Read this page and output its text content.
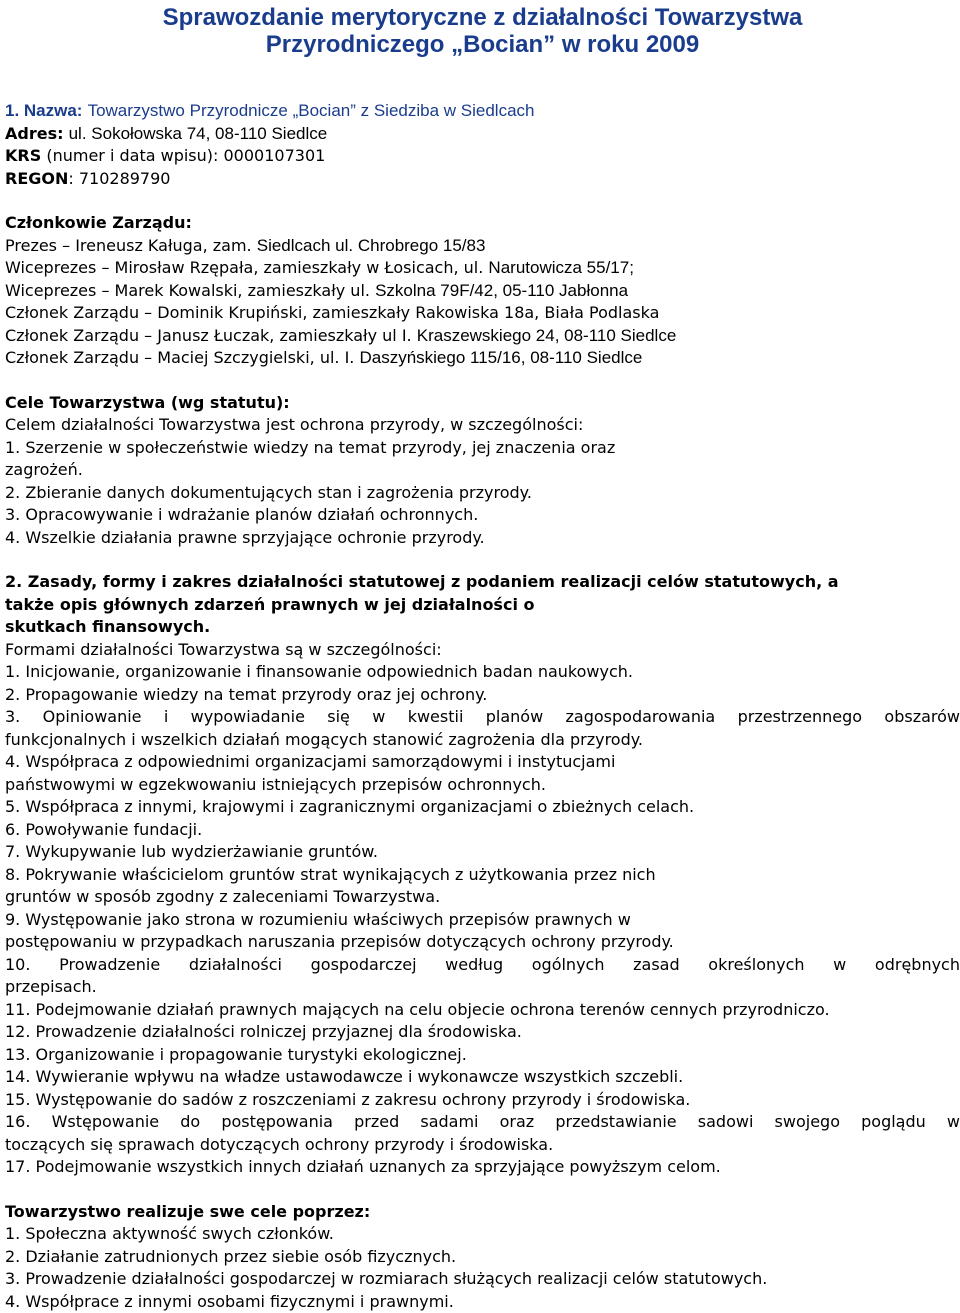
Sprawozdanie merytoryczne z działalności Towarzystwa
Przyrodniczego „Bocian” w roku 2009
1. Nazwa: Towarzystwo Przyrodnicze „Bocian” z Siedziba w Siedlcach
Adres: ul. Sokołowska 74, 08-110 Siedlce
KRS (numer i data wpisu): 0000107301
REGON: 710289790
Członkowie Zarządu:
Prezes – Ireneusz Kaługa, zam. Siedlcach ul. Chrobrego 15/83
Wiceprezes – Mirosław Rzępała, zamieszkały w Łosicach, ul. Narutowicza 55/17;
Wiceprezes – Marek Kowalski, zamieszkały ul. Szkolna 79F/42, 05-110 Jabłonna
Członek Zarządu – Dominik Krupiński, zamieszkały Rakowiska 18a, Biała Podlaska
Członek Zarządu – Janusz Łuczak, zamieszkały ul I. Kraszewskiego 24, 08-110 Siedlce
Członek Zarządu – Maciej Szczygielski, ul. I. Daszyńskiego 115/16, 08-110 Siedlce
Cele Towarzystwa (wg statutu):
Celem działalności Towarzystwa jest ochrona przyrody, w szczególności:
1. Szerzenie w społeczeństwie wiedzy na temat przyrody, jej znaczenia oraz
zagrożeń.
2. Zbieranie danych dokumentujących stan i zagrożenia przyrody.
3. Opracowywanie i wdrażanie planów działań ochronnych.
4. Wszelkie działania prawne sprzyjające ochronie przyrody.
2. Zasady, formy i zakres działalności statutowej z podaniem realizacji celów statutowych, a
także opis głównych zdarzeń prawnych w jej działalności o
skutkach finansowych.
Formami działalności Towarzystwa są w szczególności:
1. Inicjowanie, organizowanie i finansowanie odpowiednich badan naukowych.
2. Propagowanie wiedzy na temat przyrody oraz jej ochrony.
3. Opiniowanie i wypowiadanie się w kwestii planów zagospodarowania przestrzennego obszarów
funkcjonalnych i wszelkich działań mogących stanowić zagrożenia dla przyrody.
4. Współpraca z odpowiednimi organizacjami samorządowymi i instytucjami
państwowymi w egzekwowaniu istniejących przepisów ochronnych.
5. Współpraca z innymi, krajowymi i zagranicznymi organizacjami o zbieżnych celach.
6. Powoływanie fundacji.
7. Wykupywanie lub wydzierżawianie gruntów.
8. Pokrywanie właścicielom gruntów strat wynikających z użytkowania przez nich
gruntów w sposób zgodny z zaleceniami Towarzystwa.
9. Występowanie jako strona w rozumieniu właściwych przepisów prawnych w
postępowaniu w przypadkach naruszania przepisów dotyczących ochrony przyrody.
10. Prowadzenie działalności gospodarczej według ogólnych zasad określonych w odrębnych
przepisach.
11. Podejmowanie działań prawnych mających na celu objecie ochrona terenów cennych przyrodniczo.
12. Prowadzenie działalności rolniczej przyjaznej dla środowiska.
13. Organizowanie i propagowanie turystyki ekologicznej.
14. Wywieranie wpływu na władze ustawodawcze i wykonawcze wszystkich szczebli.
15. Występowanie do sadów z roszczeniami z zakresu ochrony przyrody i środowiska.
16. Wstępowanie do postępowania przed sadami oraz przedstawianie sadowi swojego poglądu w
toczących się sprawach dotyczących ochrony przyrody i środowiska.
17. Podejmowanie wszystkich innych działań uznanych za sprzyjające powyższym celom.
Towarzystwo realizuje swe cele poprzez:
1. Społeczna aktywność swych członków.
2. Działanie zatrudnionych przez siebie osób fizycznych.
3. Prowadzenie działalności gospodarczej w rozmiarach służących realizacji celów statutowych.
4. Współprace z innymi osobami fizycznymi i prawnymi.
